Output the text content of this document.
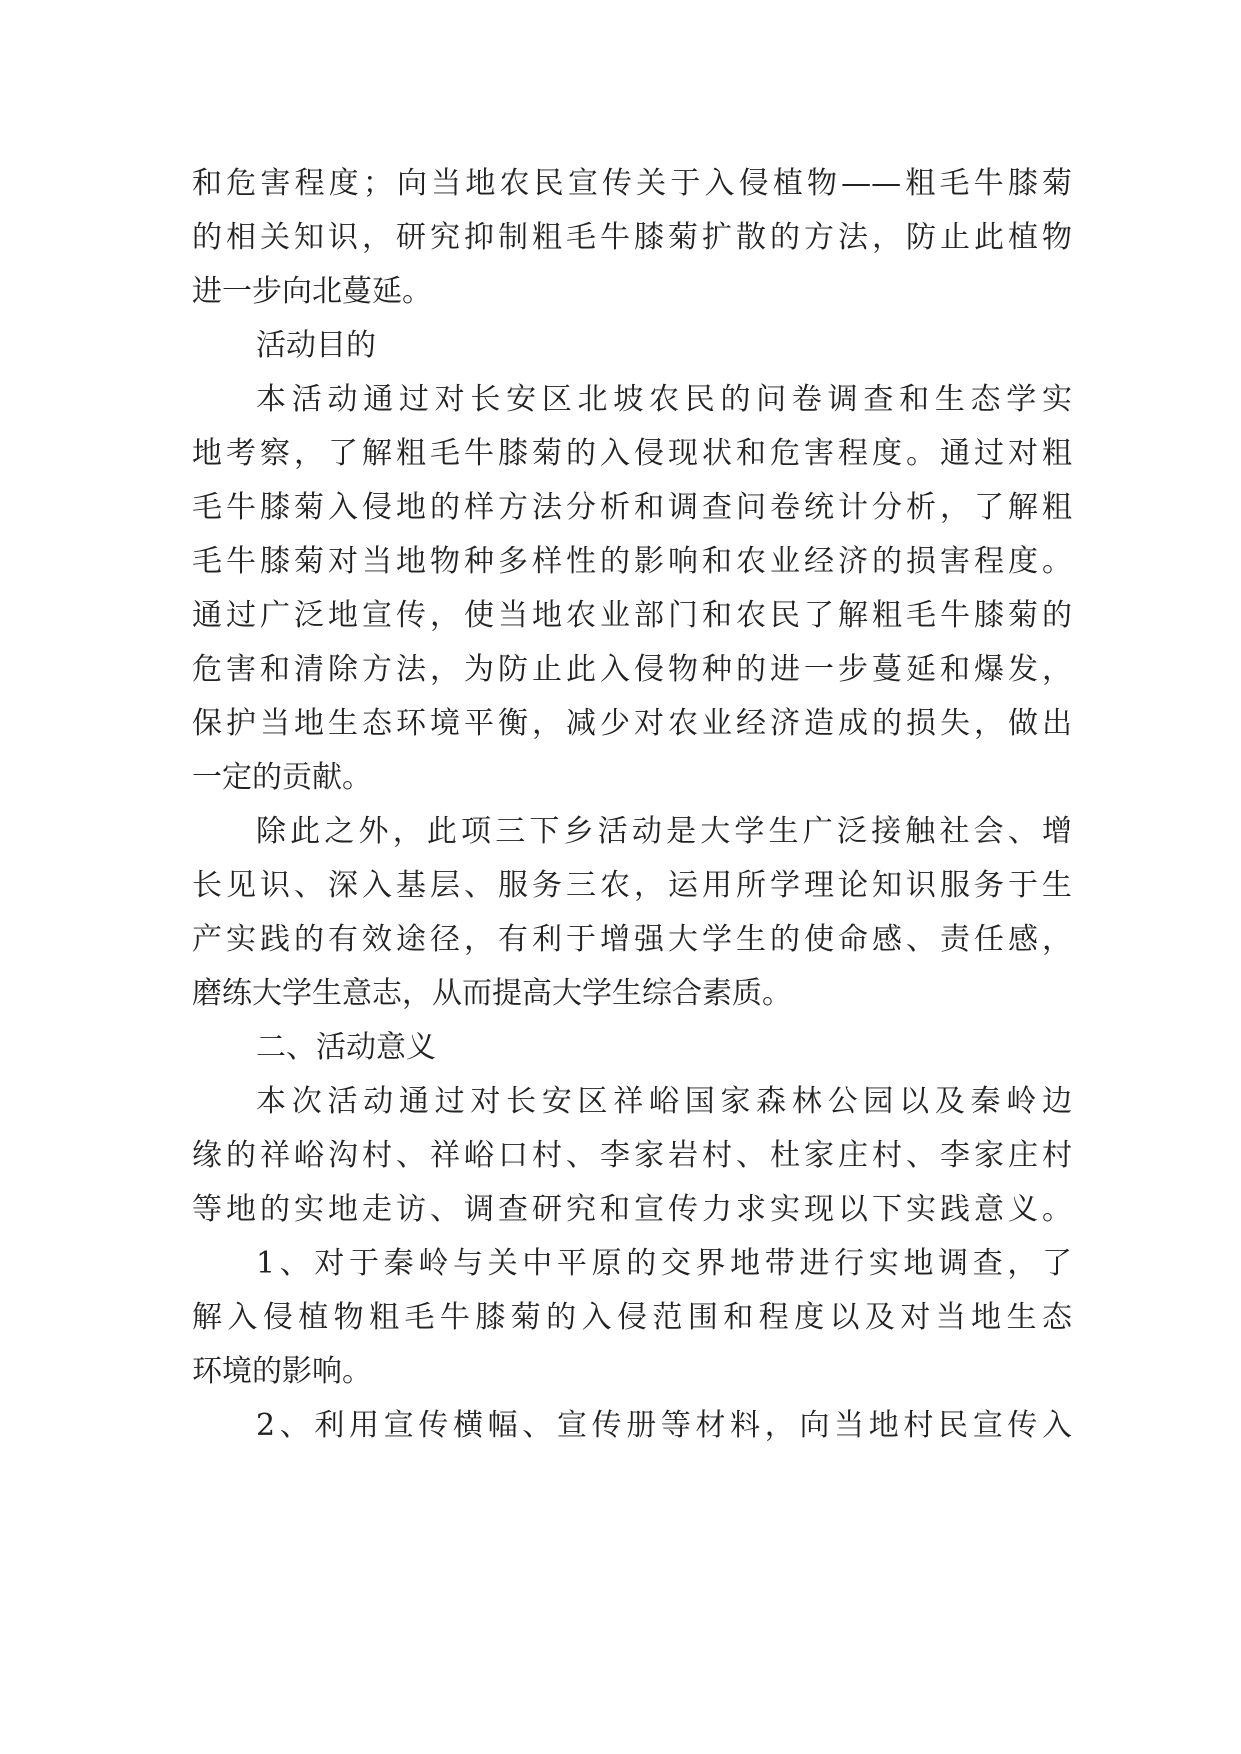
和危害程度；向当地农民宣传关于入侵植物——粗毛牛膝菊
的相关知识，研究抑制粗毛牛膝菊扩散的方法，防止此植物
进一步向北蔓延。
活动目的
本活动通过对长安区北坡农民的问卷调查和生态学实
地考察，了解粗毛牛膝菊的入侵现状和危害程度。通过对粗
毛牛膝菊入侵地的样方法分析和调查问卷统计分析，了解粗
毛牛膝菊对当地物种多样性的影响和农业经济的损害程度。
通过广泛地宣传，使当地农业部门和农民了解粗毛牛膝菊的
危害和清除方法，为防止此入侵物种的进一步蔓延和爆发，
保护当地生态环境平衡，减少对农业经济造成的损失，做出
一定的贡献。
除此之外，此项三下乡活动是大学生广泛接触社会、增
长见识、深入基层、服务三农，运用所学理论知识服务于生
产实践的有效途径，有利于增强大学生的使命感、责任感，
磨练大学生意志，从而提高大学生综合素质。
二、活动意义
本次活动通过对长安区祥峪国家森林公园以及秦岭边
缘的祥峪沟村、祥峪口村、李家岩村、杜家庄村、李家庄村
等地的实地走访、调查研究和宣传力求实现以下实践意义。
1、对于秦岭与关中平原的交界地带进行实地调查，了
解入侵植物粗毛牛膝菊的入侵范围和程度以及对当地生态
环境的影响。
2、利用宣传横幅、宣传册等材料，向当地村民宣传入
